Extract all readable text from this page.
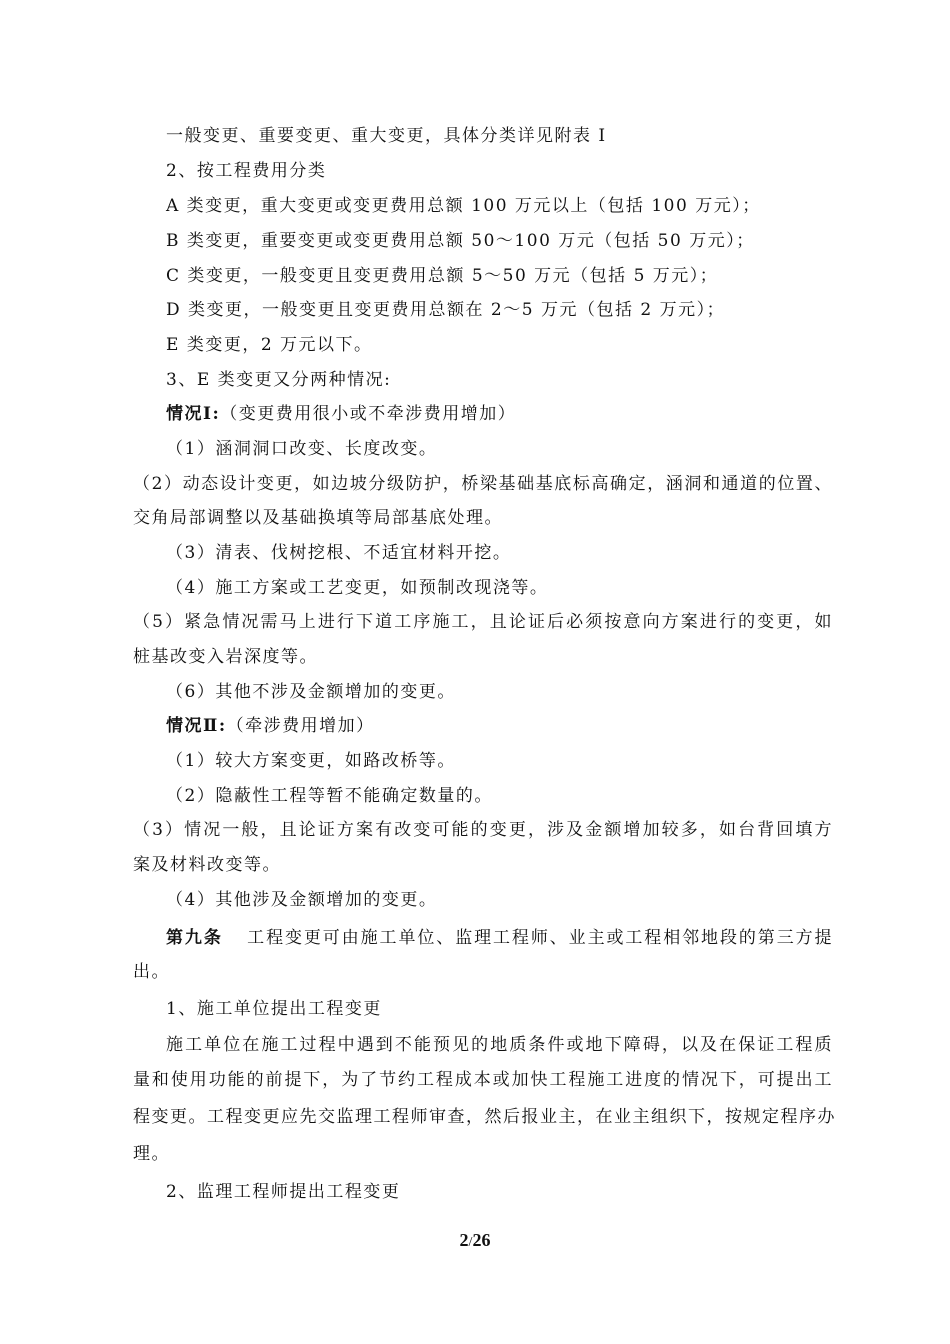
一般变更、重要变更、重大变更，具体分类详见附表 I
2、按工程费用分类
A 类变更，重大变更或变更费用总额 100 万元以上（包括 100 万元）；
B 类变更，重要变更或变更费用总额 50～100 万元（包括 50 万元）；
C 类变更，一般变更且变更费用总额 5～50 万元（包括 5 万元）；
D 类变更，一般变更且变更费用总额在 2～5 万元（包括 2 万元）；
E 类变更，2 万元以下。
3、E 类变更又分两种情况:
情况Ⅰ:（变更费用很小或不牵涉费用增加）
（1）涵洞洞口改变、长度改变。
（2）动态设计变更，如边坡分级防护，桥梁基础基底标高确定，涵洞和通道的位置、
交角局部调整以及基础换填等局部基底处理。
（3）清表、伐树挖根、不适宜材料开挖。
（4）施工方案或工艺变更，如预制改现浇等。
（5）紧急情况需马上进行下道工序施工，且论证后必须按意向方案进行的变更，如
桩基改变入岩深度等。
（6）其他不涉及金额增加的变更。
情况Ⅱ:（牵涉费用增加）
（1）较大方案变更，如路改桥等。
（2）隐蔽性工程等暂不能确定数量的。
（3）情况一般，且论证方案有改变可能的变更，涉及金额增加较多，如台背回填方
案及材料改变等。
（4）其他涉及金额增加的变更。
第九条 工程变更可由施工单位、监理工程师、业主或工程相邻地段的第三方提
出。
1、施工单位提出工程变更
施工单位在施工过程中遇到不能预见的地质条件或地下障碍，以及在保证工程质
量和使用功能的前提下，为了节约工程成本或加快工程施工进度的情况下，可提出工
程变更。工程变更应先交监理工程师审查，然后报业主，在业主组织下，按规定程序办
理。
2、监理工程师提出工程变更
2/26
